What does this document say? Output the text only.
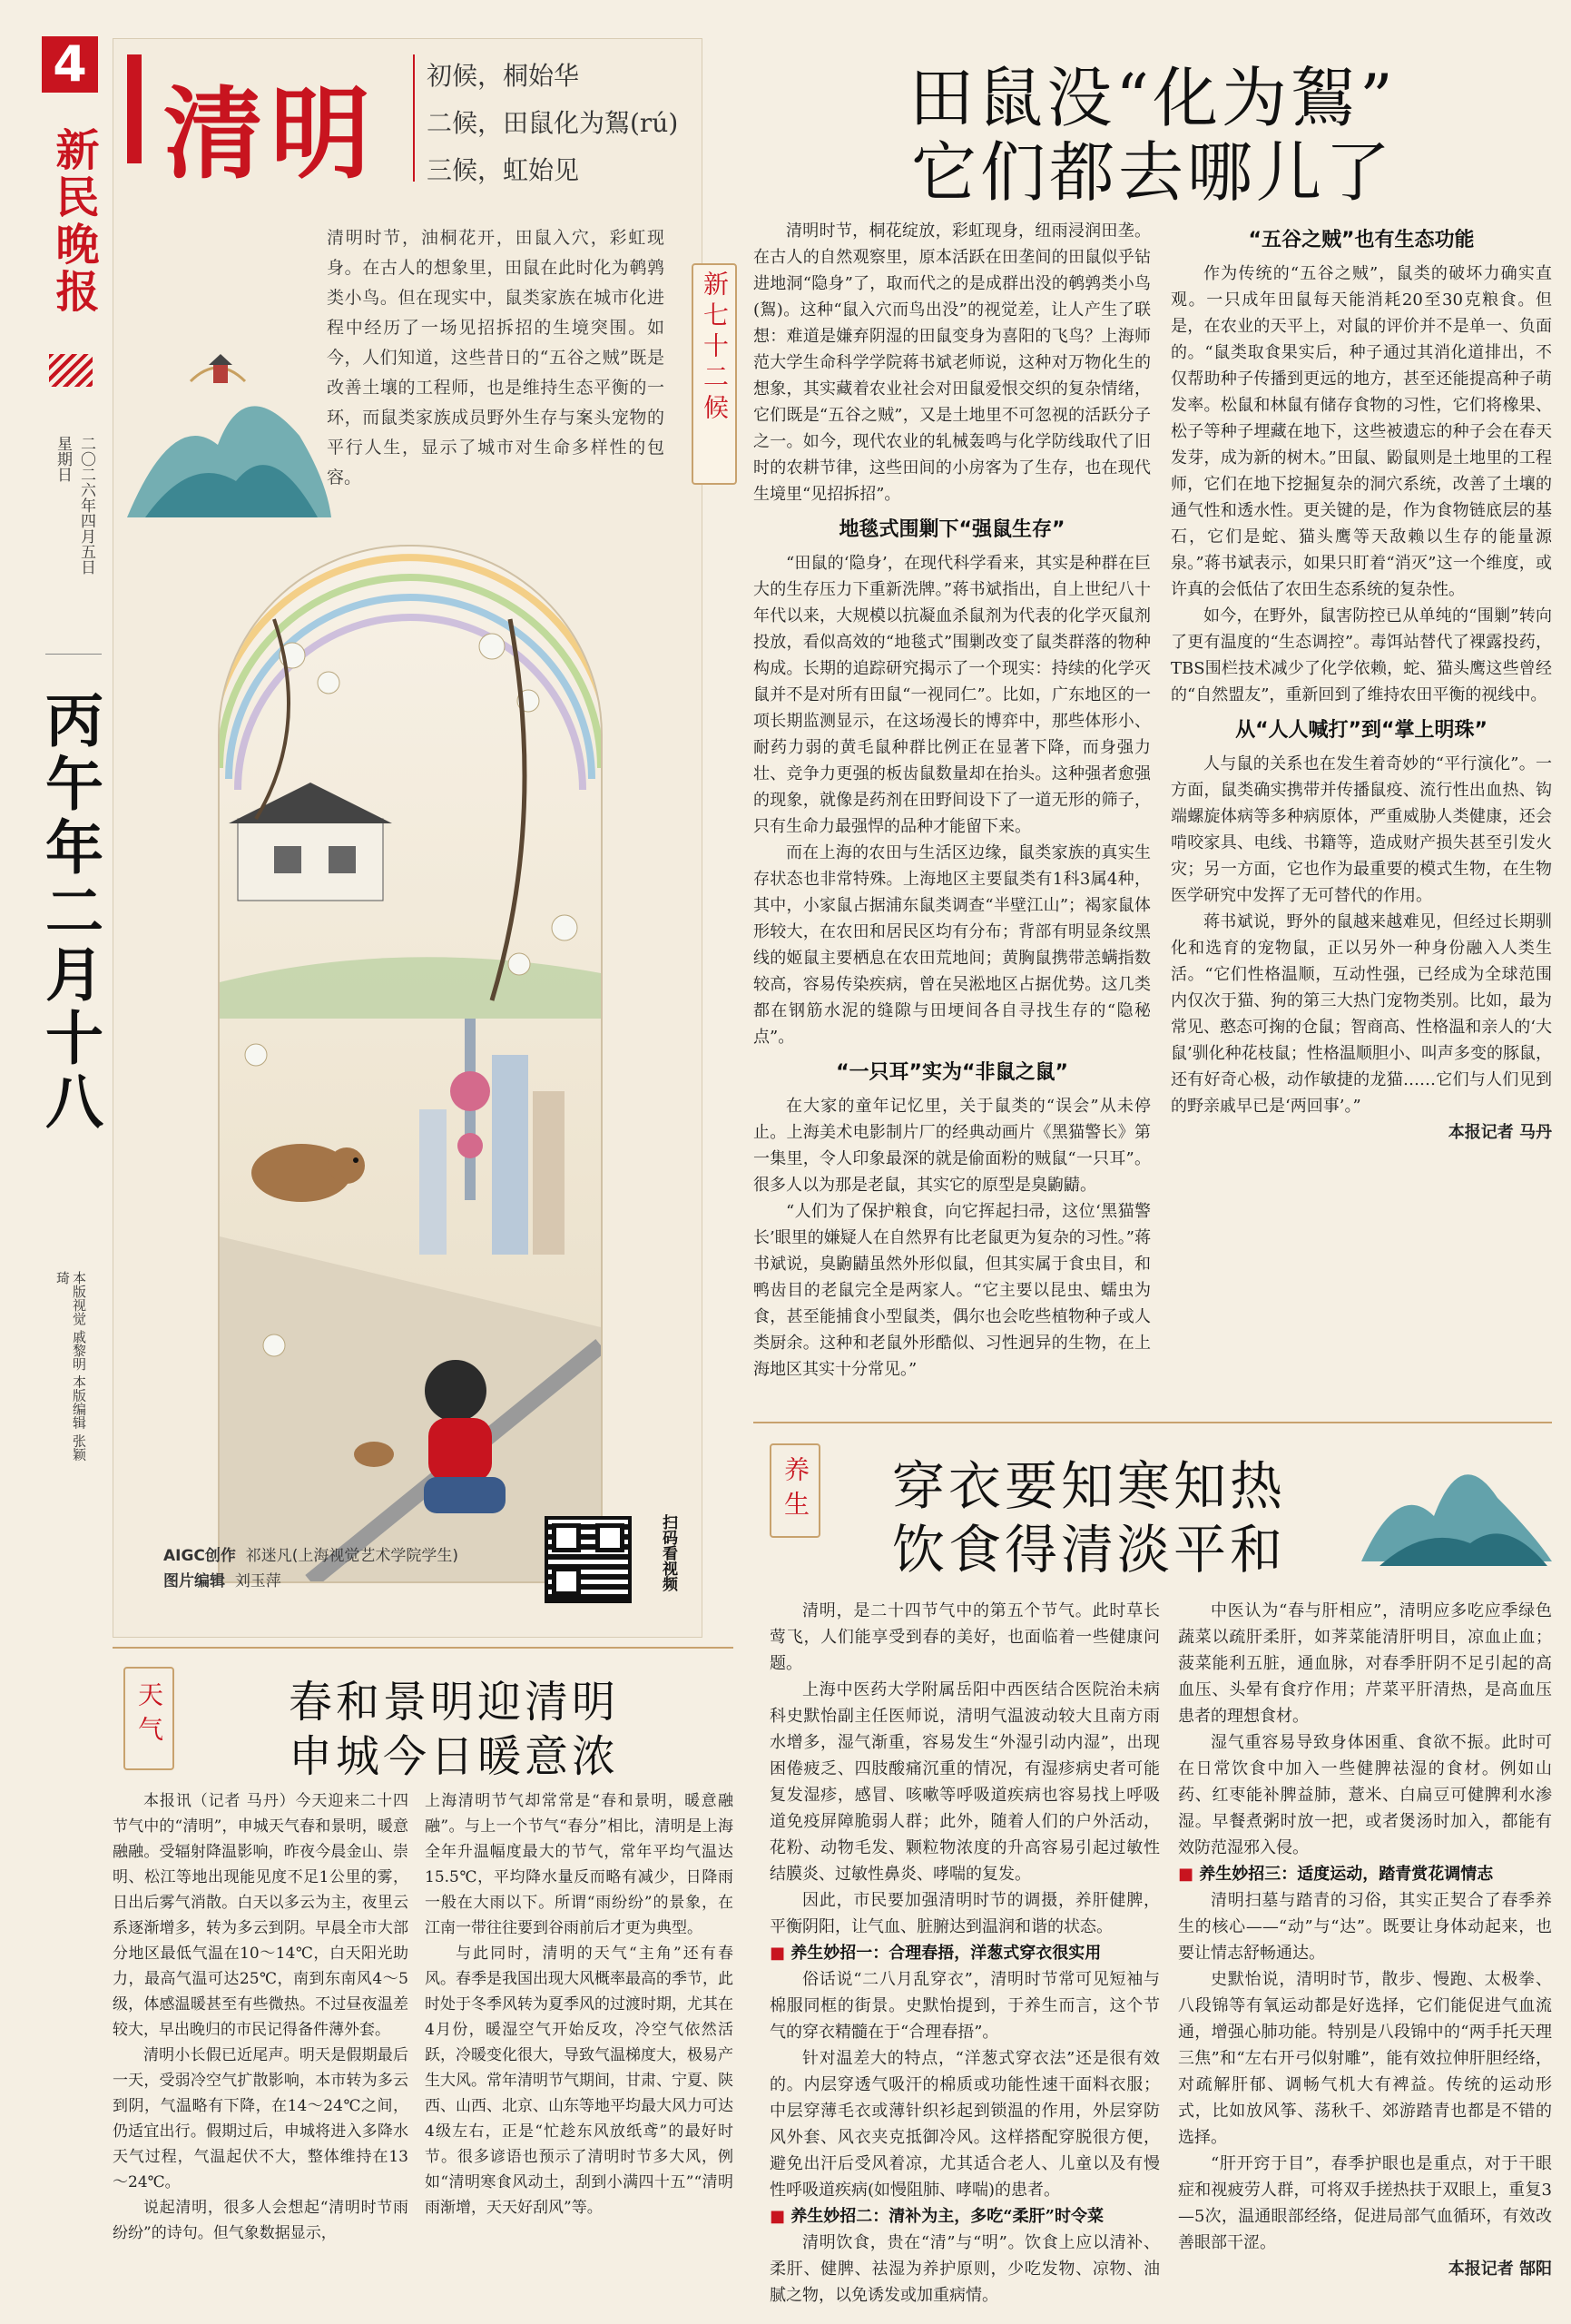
4
新民晚报
二〇二六年四月五日
星期日
丙午年二月十八
本版视觉 戚黎明 本版编辑 张颖琦
清明 初候，桐始华
二候，田鼠化为鴽(rú)
三候，虹始见
清明时节，油桐花开，田鼠入穴，彩虹现身。在古人的想象里，田鼠在此时化为鹌鹑类小鸟。但在现实中，鼠类家族在城市化进程中经历了一场见招拆招的生境突围。如今，人们知道，这些昔日的“五谷之贼”既是改善土壤的工程师，也是维持生态平衡的一环，而鼠类家族成员野外生存与案头宠物的平行人生，显示了城市对生命多样性的包容。
AIGC创作 祁迷凡(上海视觉艺术学院学生)
图片编辑 刘玉萍	扫码看视频
新七十二候
田鼠没“化为鴽”
它们都去哪儿了

清明时节，桐花绽放，彩虹现身，纽雨浸润田垄。在古人的自然观察里，原本活跃在田垄间的田鼠似乎钻进地洞“隐身”了，取而代之的是成群出没的鹌鹑类小鸟(鴽)。这种“鼠入穴而鸟出没”的视觉差，让人产生了联想：难道是嫌弃阴湿的田鼠变身为喜阳的飞鸟？上海师范大学生命科学学院蒋书斌老师说，这种对万物化生的想象，其实藏着农业社会对田鼠爱恨交织的复杂情绪，它们既是“五谷之贼”，又是土地里不可忽视的活跃分子之一。如今，现代农业的轧械轰鸣与化学防线取代了旧时的农耕节律，这些田间的小房客为了生存，也在现代生境里“见招拆招”。

地毯式围剿下“强鼠生存”

“田鼠的‘隐身’，在现代科学看来，其实是种群在巨大的生存压力下重新洗牌。”蒋书斌指出，自上世纪八十年代以来，大规模以抗凝血杀鼠剂为代表的化学灭鼠剂投放，看似高效的“地毯式”围剿改变了鼠类群落的物种构成。长期的追踪研究揭示了一个现实：持续的化学灭鼠并不是对所有田鼠“一视同仁”。比如，广东地区的一项长期监测显示，在这场漫长的博弈中，那些体形小、耐药力弱的黄毛鼠种群比例正在显著下降，而身强力壮、竞争力更强的板齿鼠数量却在抬头。这种强者愈强的现象，就像是药剂在田野间设下了一道无形的筛子，只有生命力最强悍的品种才能留下来。

而在上海的农田与生活区边缘，鼠类家族的真实生存状态也非常特殊。上海地区主要鼠类有1科3属4种，其中，小家鼠占据浦东鼠类调查“半壁江山”；褐家鼠体形较大，在农田和居民区均有分布；背部有明显条纹黑线的姬鼠主要栖息在农田荒地间；黄胸鼠携带恙螨指数较高，容易传染疾病，曾在吴淞地区占据优势。这几类都在钢筋水泥的缝隙与田埂间各自寻找生存的“隐秘点”。

“一只耳”实为“非鼠之鼠”

在大家的童年记忆里，关于鼠类的“误会”从未停止。上海美术电影制片厂的经典动画片《黑猫警长》第一集里，令人印象最深的就是偷面粉的贼鼠“一只耳”。很多人以为那是老鼠，其实它的原型是臭鼩鼱。

“人们为了保护粮食，向它挥起扫帚，这位‘黑猫警长’眼里的嫌疑人在自然界有比老鼠更为复杂的习性。”蒋书斌说，臭鼩鼱虽然外形似鼠，但其实属于食虫目，和鸭齿目的老鼠完全是两家人。“它主要以昆虫、蠕虫为食，甚至能捕食小型鼠类，偶尔也会吃些植物种子或人类厨余。这种和老鼠外形酷似、习性迥异的生物，在上海地区其实十分常见。”

“五谷之贼”也有生态功能

作为传统的“五谷之贼”，鼠类的破坏力确实直观。一只成年田鼠每天能消耗20至30克粮食。但是，在农业的天平上，对鼠的评价并不是单一、负面的。“鼠类取食果实后，种子通过其消化道排出，不仅帮助种子传播到更远的地方，甚至还能提高种子萌发率。松鼠和林鼠有储存食物的习性，它们将橡果、松子等种子埋藏在地下，这些被遗忘的种子会在春天发芽，成为新的树木。”田鼠、鼢鼠则是土地里的工程师，它们在地下挖掘复杂的洞穴系统，改善了土壤的通气性和透水性。更关键的是，作为食物链底层的基石，它们是蛇、猫头鹰等天敌赖以生存的能量源泉。”蒋书斌表示，如果只盯着“消灭”这一个维度，或许真的会低估了农田生态系统的复杂性。

如今，在野外，鼠害防控已从单纯的“围剿”转向了更有温度的“生态调控”。毒饵站替代了裸露投药，TBS围栏技术减少了化学依赖，蛇、猫头鹰这些曾经的“自然盟友”，重新回到了维持农田平衡的视线中。

从“人人喊打”到“掌上明珠”

人与鼠的关系也在发生着奇妙的“平行演化”。一方面，鼠类确实携带并传播鼠疫、流行性出血热、钩端螺旋体病等多种病原体，严重威胁人类健康，还会啃咬家具、电线、书籍等，造成财产损失甚至引发火灾；另一方面，它也作为最重要的模式生物，在生物医学研究中发挥了无可替代的作用。

蒋书斌说，野外的鼠越来越难见，但经过长期驯化和选育的宠物鼠，正以另外一种身份融入人类生活。“它们性格温顺，互动性强，已经成为全球范围内仅次于猫、狗的第三大热门宠物类别。比如，最为常见、憨态可掬的仓鼠；智商高、性格温和亲人的‘大鼠’驯化种花枝鼠；性格温顺胆小、叫声多变的豚鼠，还有好奇心极，动作敏捷的龙猫……它们与人们见到的野亲戚早已是‘两回事’。”

本报记者 马丹
养生	穿衣要知寒知热
饮食得清淡平和

清明，是二十四节气中的第五个节气。此时草长莺飞，人们能享受到春的美好，也面临着一些健康问题。

上海中医药大学附属岳阳中西医结合医院治未病科史默怡副主任医师说，清明气温波动较大且南方雨水增多，湿气渐重，容易发生“外湿引动内湿”，出现困倦疲乏、四肢酸痛沉重的情况，有湿疹病史者可能复发湿疹，感冒、咳嗽等呼吸道疾病也容易找上呼吸道免疫屏障脆弱人群；此外，随着人们的户外活动，花粉、动物毛发、颗粒物浓度的升高容易引起过敏性结膜炎、过敏性鼻炎、哮喘的复发。

因此，市民要加强清明时节的调摄，养肝健脾，平衡阴阳，让气血、脏腑达到温润和谐的状态。

■ 养生妙招一：合理春捂，洋葱式穿衣很实用

俗话说“二八月乱穿衣”，清明时节常可见短袖与棉服同框的街景。史默怡提到，于养生而言，这个节气的穿衣精髓在于“合理春捂”。

针对温差大的特点，“洋葱式穿衣法”还是很有效的。内层穿透气吸汗的棉质或功能性速干面料衣服；中层穿薄毛衣或薄针织衫起到锁温的作用，外层穿防风外套、风衣夹克抵御冷风。这样搭配穿脱很方便，避免出汗后受风着凉，尤其适合老人、儿童以及有慢性呼吸道疾病(如慢阻肺、哮喘)的患者。

■ 养生妙招二：清补为主，多吃“柔肝”时令菜

清明饮食，贵在“清”与“明”。饮食上应以清补、柔肝、健脾、祛湿为养护原则，少吃发物、凉物、油腻之物，以免诱发或加重病情。

中医认为“春与肝相应”，清明应多吃应季绿色蔬菜以疏肝柔肝，如荠菜能清肝明目，凉血止血；菠菜能利五脏，通血脉，对春季肝阴不足引起的高血压、头晕有食疗作用；芹菜平肝清热，是高血压患者的理想食材。

湿气重容易导致身体困重、食欲不振。此时可在日常饮食中加入一些健脾祛湿的食材。例如山药、红枣能补脾益肺，薏米、白扁豆可健脾利水渗湿。早餐煮粥时放一把，或者煲汤时加入，都能有效防范湿邪入侵。

■ 养生妙招三：适度运动，踏青赏花调情志

清明扫墓与踏青的习俗，其实正契合了春季养生的核心——“动”与“达”。既要让身体动起来，也要让情志舒畅通达。

史默怡说，清明时节，散步、慢跑、太极拳、八段锦等有氧运动都是好选择，它们能促进气血流通，增强心肺功能。特别是八段锦中的“两手托天理三焦”和“左右开弓似射雕”，能有效拉伸肝胆经络，对疏解肝郁、调畅气机大有裨益。传统的运动形式，比如放风筝、荡秋千、郊游踏青也都是不错的选择。

“肝开窍于目”，春季护眼也是重点，对于干眼症和视疲劳人群，可将双手搓热扶于双眼上，重复3—5次，温通眼部经络，促进局部气血循环，有效改善眼部干涩。

本报记者 郜阳
天气	春和景明迎清明
申城今日暖意浓

本报讯（记者 马丹）今天迎来二十四节气中的“清明”，申城天气春和景明，暖意融融。受辐射降温影响，昨夜今晨金山、崇明、松江等地出现能见度不足1公里的雾，日出后雾气消散。白天以多云为主，夜里云系逐渐增多，转为多云到阴。早晨全市大部分地区最低气温在10～14℃，白天阳光助力，最高气温可达25℃，南到东南风4～5级，体感温暖甚至有些微热。不过昼夜温差较大，早出晚归的市民记得备件薄外套。

清明小长假已近尾声。明天是假期最后一天，受弱冷空气扩散影响，本市转为多云到阴，气温略有下降，在14～24℃之间，仍适宜出行。假期过后，申城将进入多降水天气过程，气温起伏不大，整体维持在13～24℃。

说起清明，很多人会想起“清明时节雨纷纷”的诗句。但气象数据显示，

上海清明节气却常常是“春和景明，暖意融融”。与上一个节气“春分”相比，清明是上海全年升温幅度最大的节气，常年平均气温达15.5℃，平均降水量反而略有减少，日降雨一般在大雨以下。所谓“雨纷纷”的景象，在江南一带往往要到谷雨前后才更为典型。

与此同时，清明的天气“主角”还有春风。春季是我国出现大风概率最高的季节，此时处于冬季风转为夏季风的过渡时期，尤其在4月份，暖湿空气开始反攻，冷空气依然活跃，冷暖变化很大，导致气温梯度大，极易产生大风。常年清明节气期间，甘肃、宁夏、陕西、山西、北京、山东等地平均最大风力可达4级左右，正是“忙趁东风放纸鸢”的最好时节。很多谚语也预示了清明时节多大风，例如“清明寒食风动土，刮到小满四十五”“清明雨渐增，天天好刮风”等。
